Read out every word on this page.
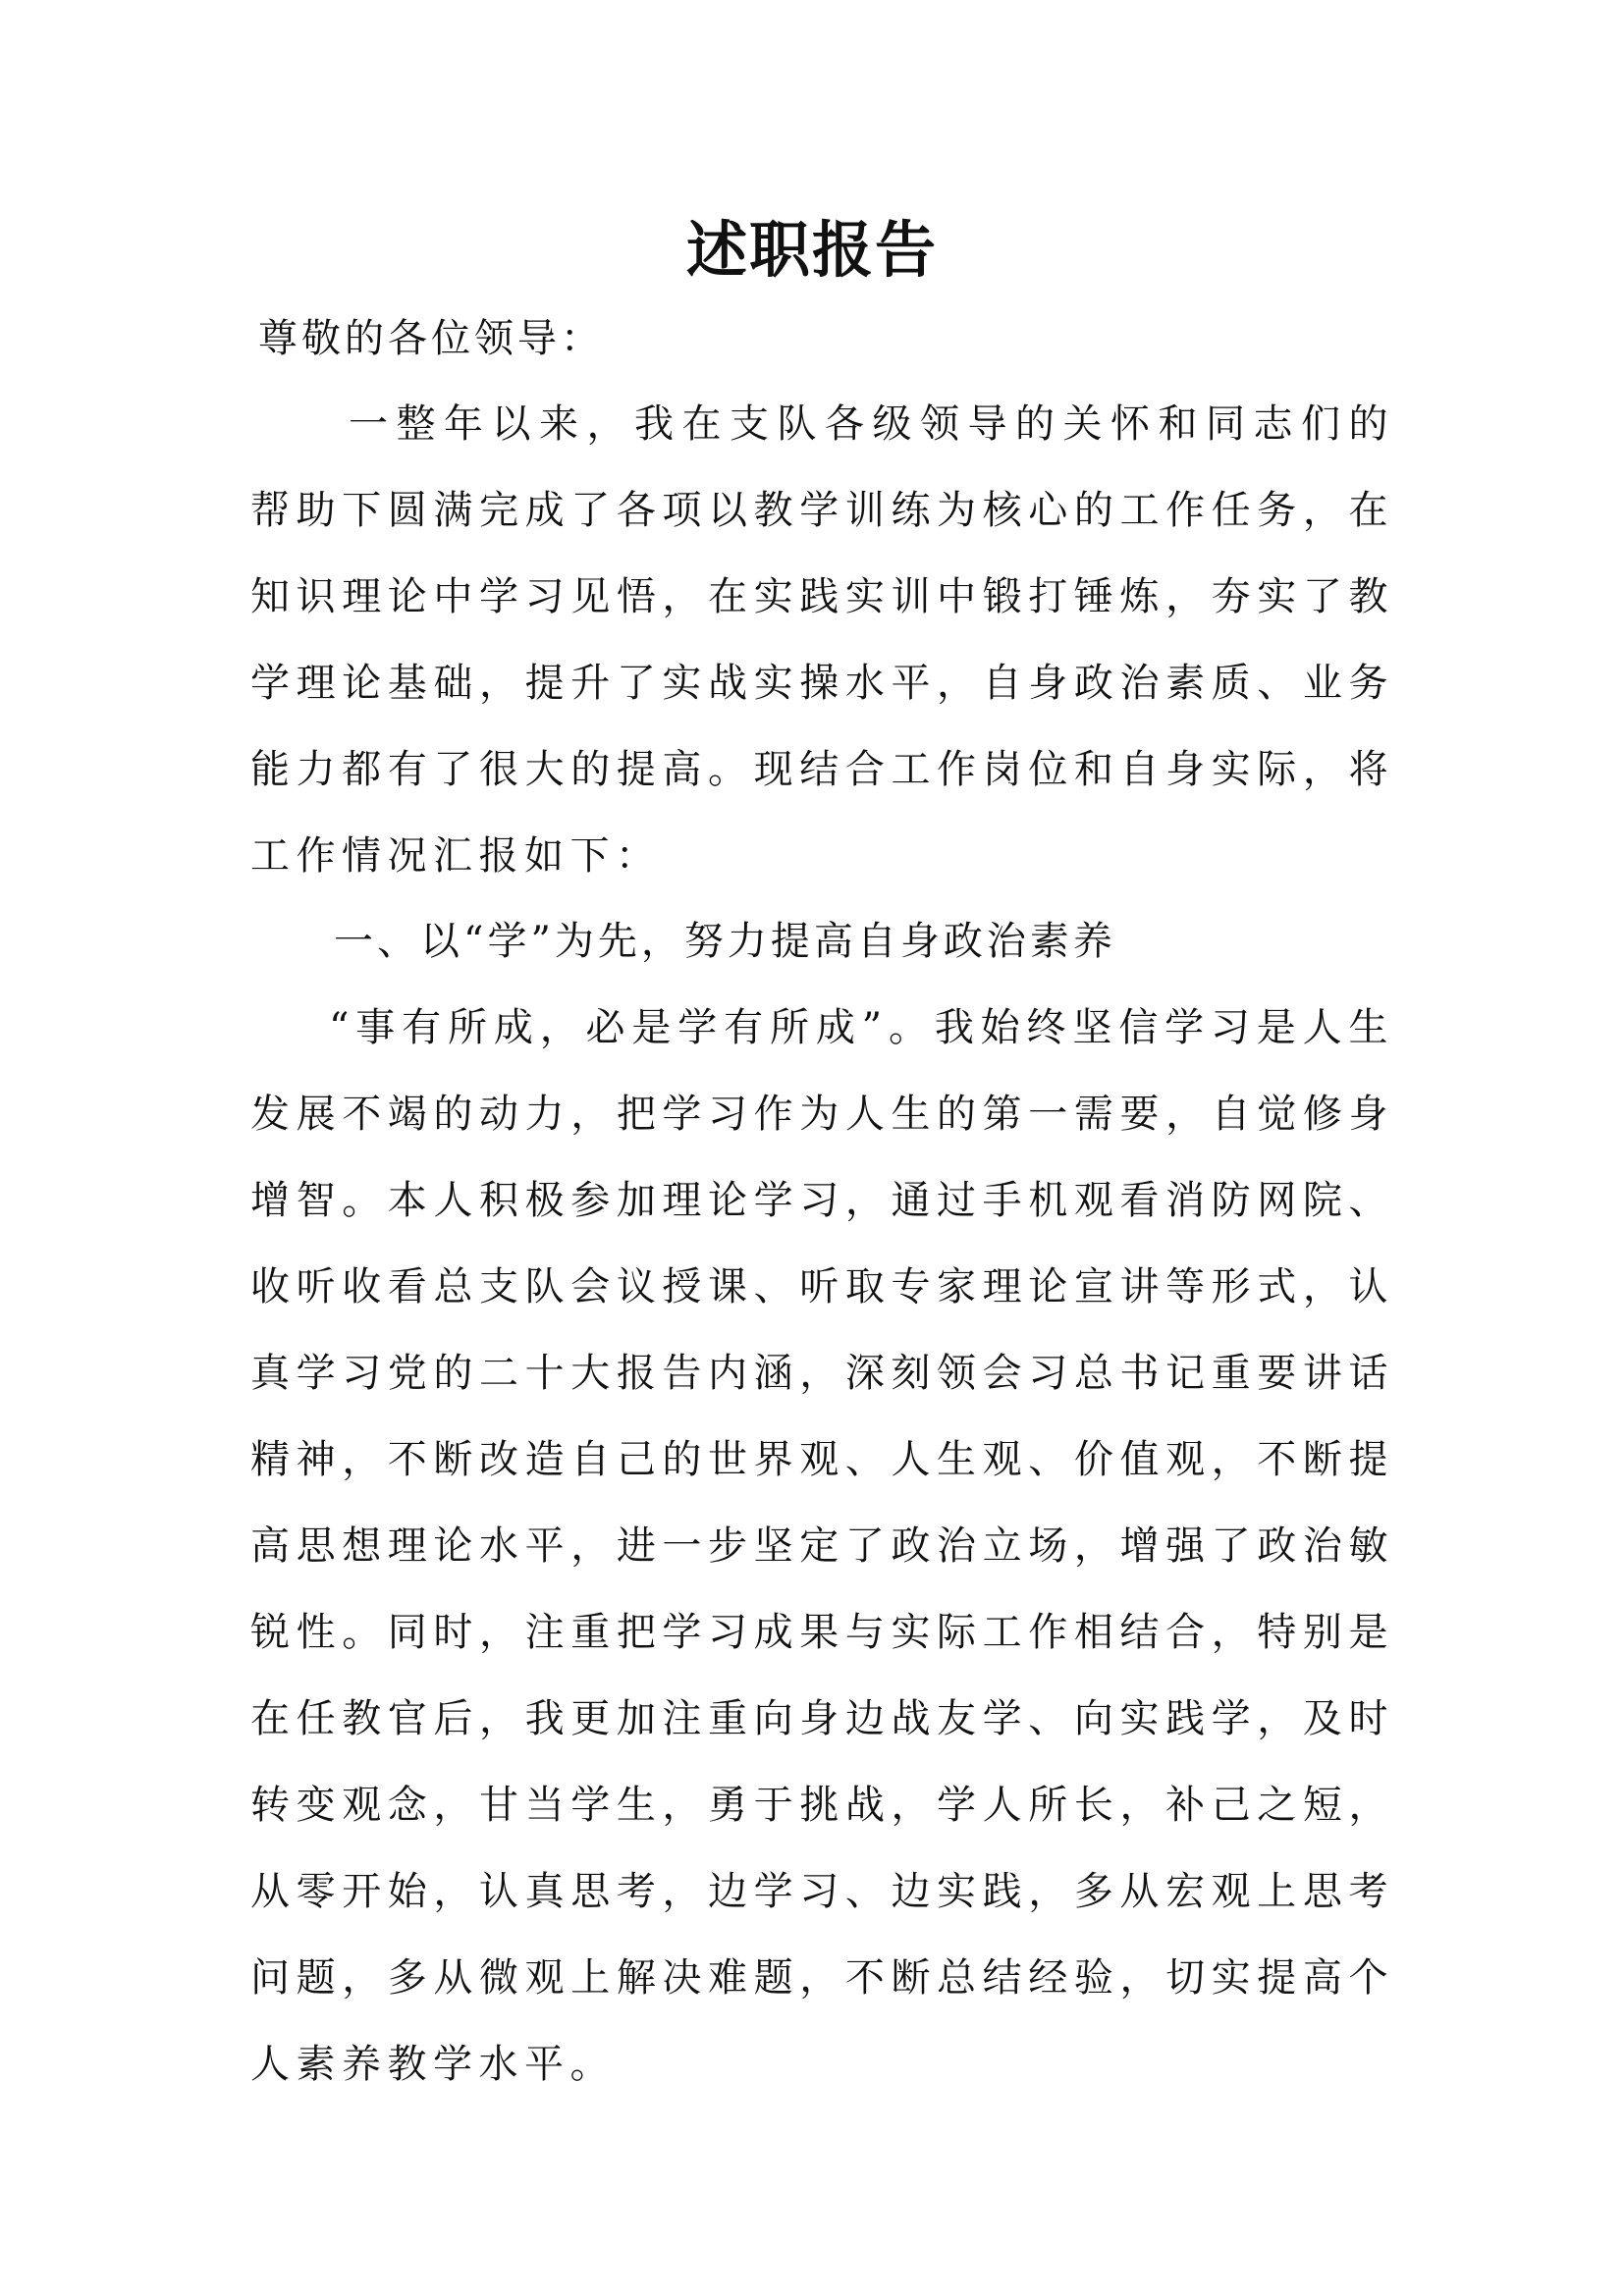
述职报告
尊敬的各位领导：

一整年以来，我在支队各级领导的关怀和同志们的帮助下圆满完成了各项以教学训练为核心的工作任务，在知识理论中学习见悟，在实践实训中锻打锤炼，夯实了教学理论基础，提升了实战实操水平，自身政治素质、业务能力都有了很大的提高。现结合工作岗位和自身实际，将工作情况汇报如下：

一、以“学”为先，努力提高自身政治素养

“事有所成，必是学有所成”。我始终坚信学习是人生发展不竭的动力，把学习作为人生的第一需要，自觉修身增智。本人积极参加理论学习，通过手机观看消防网院、收听收看总支队会议授课、听取专家理论宣讲等形式，认真学习党的二十大报告内涵，深刻领会习总书记重要讲话精神，不断改造自己的世界观、人生观、价值观，不断提高思想理论水平，进一步坚定了政治立场，增强了政治敏锐性。同时，注重把学习成果与实际工作相结合，特别是在任教官后，我更加注重向身边战友学、向实践学，及时转变观念，甘当学生，勇于挑战，学人所长，补己之短，从零开始，认真思考，边学习、边实践，多从宏观上思考问题，多从微观上解决难题，不断总结经验，切实提高个人素养教学水平。
